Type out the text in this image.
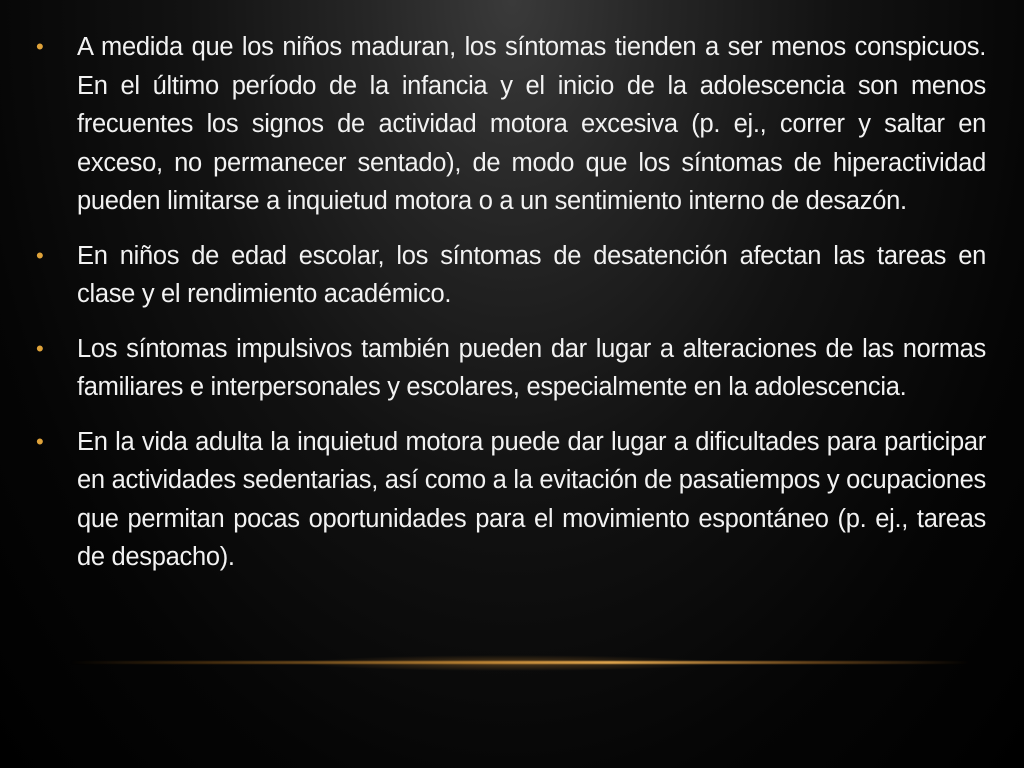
• A medida que los niños maduran, los síntomas tienden a ser menos conspicuos. En el último período de la infancia y el inicio de la adolescencia son menos frecuentes los signos de actividad motora excesiva (p. ej., correr y saltar en exceso, no permanecer sentado), de modo que los síntomas de hiperactividad pueden limitarse a inquietud motora o a un sentimiento interno de desazón.
• En niños de edad escolar, los síntomas de desatención afectan las tareas en clase y el rendimiento académico.
• Los síntomas impulsivos también pueden dar lugar a alteraciones de las normas familiares e interpersonales y escolares, especialmente en la adolescencia.
• En la vida adulta la inquietud motora puede dar lugar a dificultades para participar en actividades sedentarias, así como a la evitación de pasatiempos y ocupaciones que permitan pocas oportunidades para el movimiento espontáneo (p. ej., tareas de despacho).
